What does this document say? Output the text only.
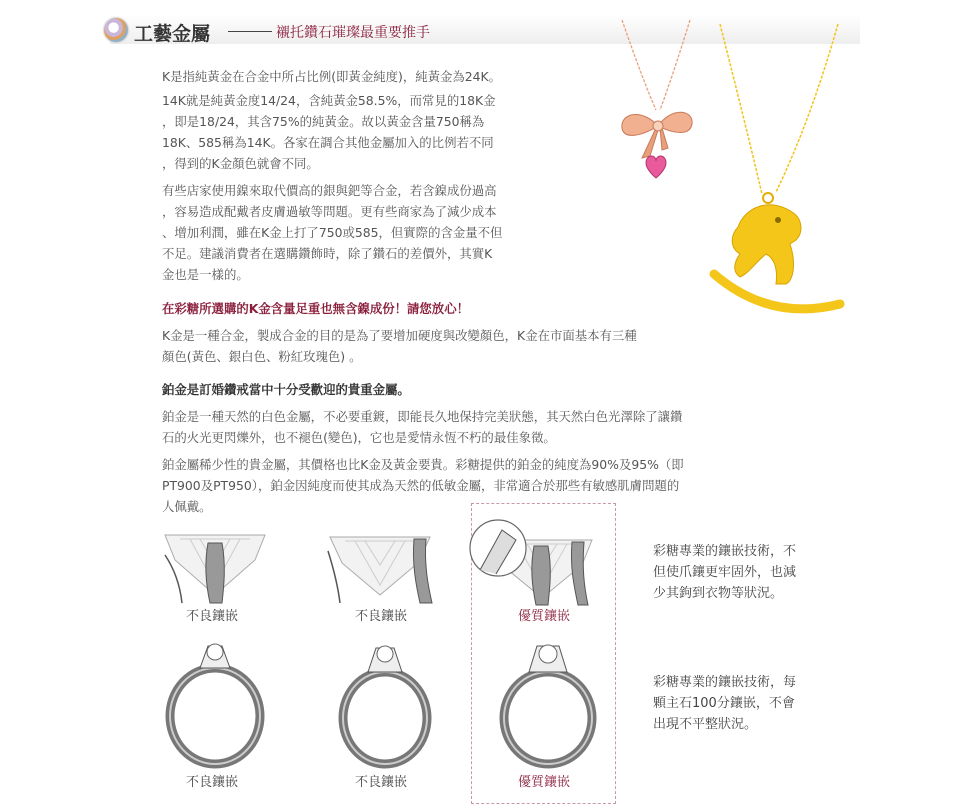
工藝金屬	襯托鑽石璀璨最重要推手

K是指純黃金在合金中所占比例(即黃金純度)，純黃金為24K。

14K就是純黃金度14/24，含純黃金58.5%，而常見的18K金

，即是18/24，其含75%的純黃金。故以黃金含量750稱為

18K、585稱為14K。各家在調合其他金屬加入的比例若不同

，得到的K金顏色就會不同。

有些店家使用鎳來取代價高的銀與鈀等合金，若含鎳成份過高

，容易造成配戴者皮膚過敏等問題。更有些商家為了減少成本

、增加利潤，雖在K金上打了750或585，但實際的含金量不但

不足。建議消費者在選購鑽飾時，除了鑽石的差價外，其實K

金也是一樣的。

在彩糖所選購的K金含量足重也無含鎳成份！請您放心！

K金是一種合金，製成合金的目的是為了要增加硬度與改變顏色，K金在市面基本有三種

顏色(黃色、銀白色、粉紅玫瑰色) 。

鉑金是訂婚鑽戒當中十分受歡迎的貴重金屬。

鉑金是一種天然的白色金屬，不必要重鍍，即能長久地保持完美狀態，其天然白色光澤除了讓鑽

石的火光更閃爍外，也不褪色(變色)，它也是愛情永恆不朽的最佳象徵。

鉑金屬稀少性的貴金屬，其價格也比K金及黃金要貴。彩糖提供的鉑金的純度為90%及95%（即

PT900及PT950），鉑金因純度而使其成為天然的低敏金屬，非常適合於那些有敏感肌膚問題的

人佩戴。

不良鑲嵌	不良鑲嵌	優質鑲嵌
彩糖專業的鑲嵌技術，不
但使爪鑲更牢固外，也減
少其鉤到衣物等狀況。
不良鑲嵌	不良鑲嵌	優質鑲嵌
彩糖專業的鑲嵌技術，每
顆主石100分鑲嵌，不會
出現不平整狀況。
